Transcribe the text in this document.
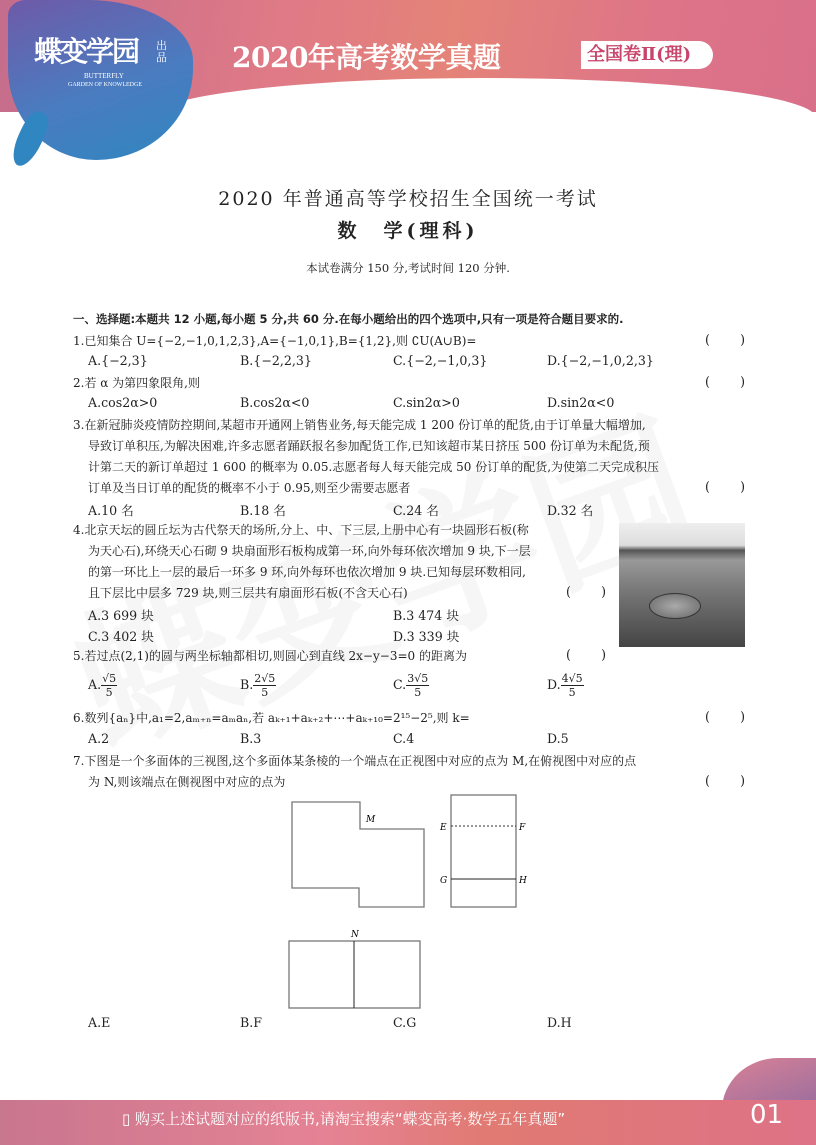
蝶变学园 出品
BUTTERFLY
GARDEN OF KNOWLEDGE
2020年高考数学真题	全国卷Ⅱ(理)
2020 年普通高等学校招生全国统一考试
数　学(理科)
本试卷满分 150 分,考试时间 120 分钟.
一、选择题:本题共 12 小题,每小题 5 分,共 60 分.在每小题给出的四个选项中,只有一项是符合题目要求的.
1.已知集合 U={−2,−1,0,1,2,3},A={−1,0,1},B={1,2},则 ∁U(A∪B)=	( )
A.{−2,3}	B.{−2,2,3}	C.{−2,−1,0,3}	D.{−2,−1,0,2,3}
2.若 α 为第四象限角,则	( )
A.cos2α>0	B.cos2α<0	C.sin2α>0	D.sin2α<0
3.在新冠肺炎疫情防控期间,某超市开通网上销售业务,每天能完成 1 200 份订单的配货,由于订单量大幅增加,
导致订单积压,为解决困难,许多志愿者踊跃报名参加配货工作,已知该超市某日挤压 500 份订单为未配货,预
计第二天的新订单超过 1 600 的概率为 0.05.志愿者每人每天能完成 50 份订单的配货,为使第二天完成积压
订单及当日订单的配货的概率不小于 0.95,则至少需要志愿者	( )
A.10 名	B.18 名	C.24 名	D.32 名
4.北京天坛的圆丘坛为古代祭天的场所,分上、中、下三层,上册中心有一块圆形石板(称
为天心石),环绕天心石砌 9 块扇面形石板构成第一环,向外每环依次增加 9 块,下一层
的第一环比上一层的最后一环多 9 环,向外每环也依次增加 9 块.已知每层环数相同,
且下层比中层多 729 块,则三层共有扇面形石板(不含天心石)	( )
A.3 699 块	B.3 474 块
C.3 402 块	D.3 339 块
5.若过点(2,1)的圆与两坐标轴都相切,则圆心到直线 2x−y−3=0 的距离为	( )
A. $\frac{√5}{5}$	B. $\frac{2√5}{5}$	C. $\frac{3√5}{5}$	D. $\frac{4√5}{5}$
6.数列{aₙ}中,a₁=2,aₘ₊ₙ=aₘaₙ,若 aₖ₊₁+aₖ₊₂+⋯+aₖ₊₁₀=2¹⁵−2⁵,则 k=	( )
A.2	B.3	C.4	D.5
7.下图是一个多面体的三视图,这个多面体某条棱的一个端点在正视图中对应的点为 M,在俯视图中对应的点
为 N,则该端点在侧视图中对应的点为	( )
M
E	F
G	H
N
A.E	B.F	C.G	D.H
▯ 购买上述试题对应的纸版书,请淘宝搜索“蝶变高考·数学五年真题”	01
